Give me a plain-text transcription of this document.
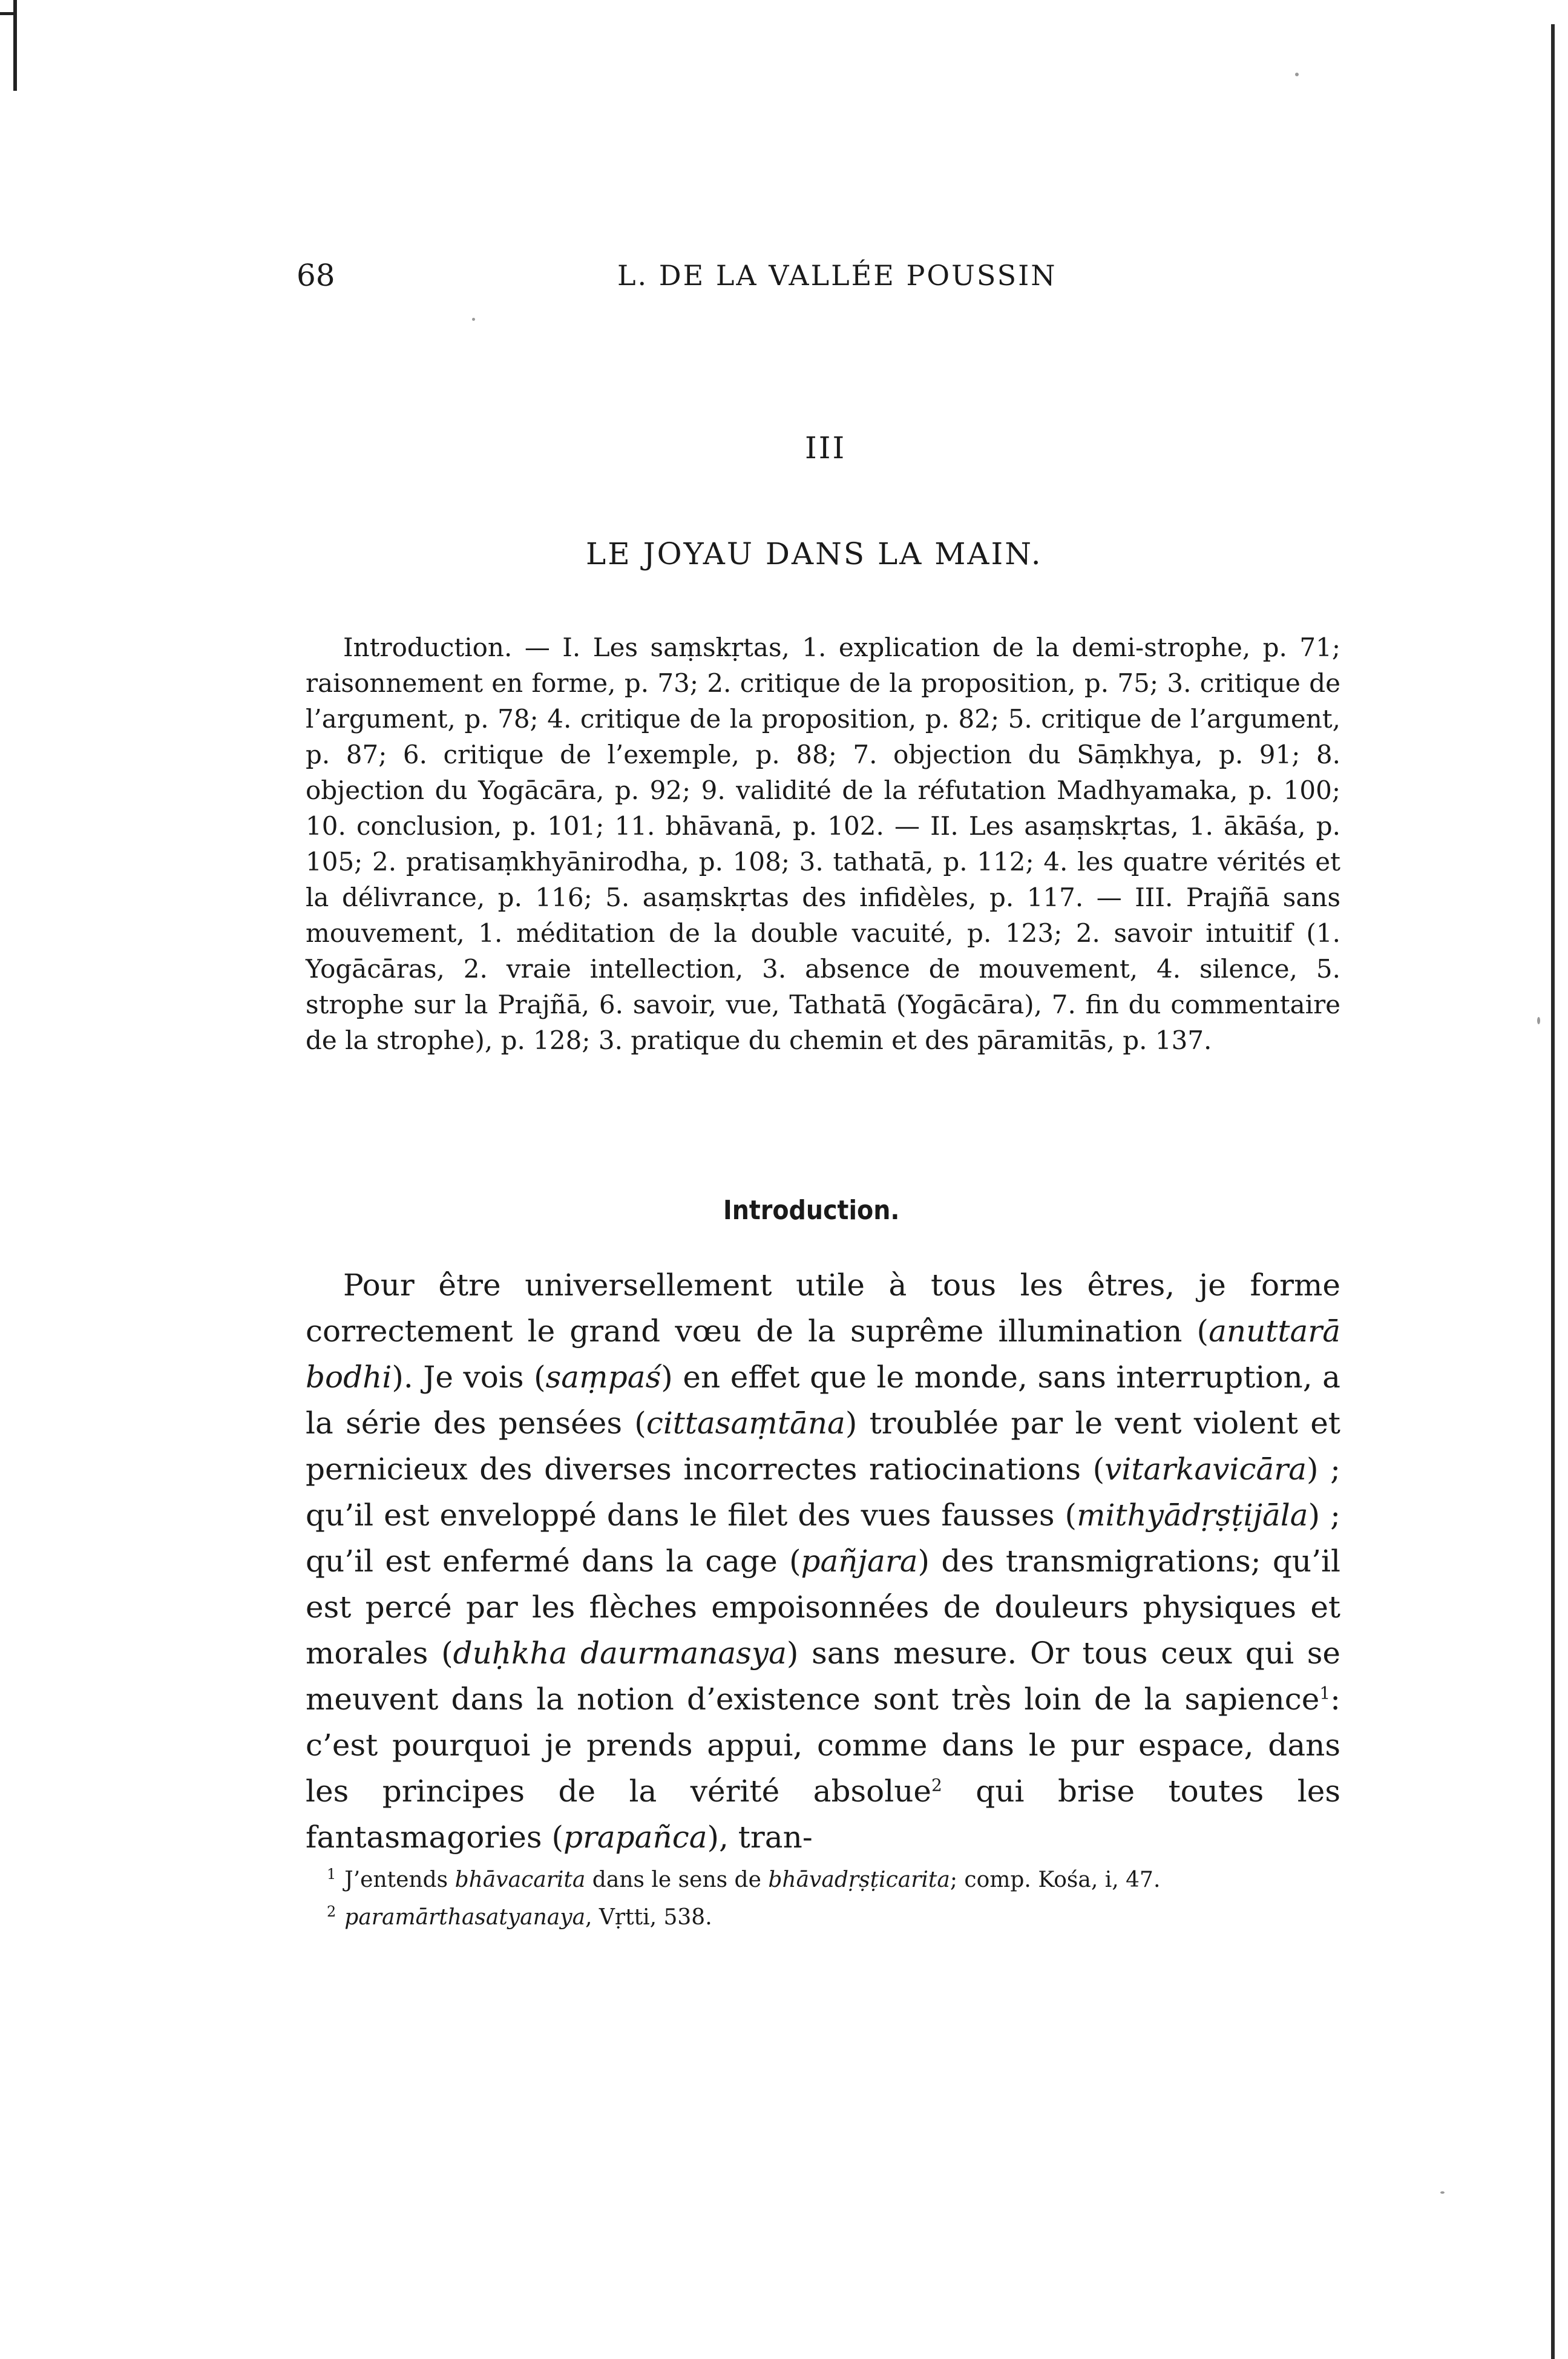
68	L. DE LA VALLÉE POUSSIN
III
LE JOYAU DANS LA MAIN.

Introduction. — I. Les saṃskṛtas, 1. explication de la demi-strophe, p. 71; raisonnement en forme, p. 73; 2. critique de la proposition, p. 75; 3. critique de l’argument, p. 78; 4. critique de la proposition, p. 82; 5. critique de l’argument, p. 87; 6. critique de l’exemple, p. 88; 7. objection du Sāṃkhya, p. 91; 8. objection du Yogācāra, p. 92; 9. validité de la réfutation Madhyamaka, p. 100; 10. conclusion, p. 101; 11. bhāvanā, p. 102. — II. Les asaṃskṛtas, 1. ākāśa, p. 105; 2. pratisaṃkhyānirodha, p. 108; 3. tathatā, p. 112; 4. les quatre vérités et la délivrance, p. 116; 5. asaṃskṛtas des infidèles, p. 117. — III. Prajñā sans mouvement, 1. méditation de la double vacuité, p. 123; 2. savoir intuitif (1. Yogācāras, 2. vraie intellection, 3. absence de mouvement, 4. silence, 5. strophe sur la Prajñā, 6. savoir, vue, Tathatā (Yogācāra), 7. fin du commentaire de la strophe), p. 128; 3. pratique du chemin et des pāramitās, p. 137.

Introduction.

Pour être universellement utile à tous les êtres, je forme correctement le grand vœu de la suprême illumination (anuttarā bodhi). Je vois (saṃpaś) en effet que le monde, sans interruption, a la série des pensées (cittasaṃtāna) troublée par le vent violent et pernicieux des diverses incorrectes ratiocinations (vitarkavicāra) ; qu’il est enveloppé dans le filet des vues fausses (mithyādṛṣṭijāla) ; qu’il est enfermé dans la cage (pañjara) des transmigrations; qu’il est percé par les flèches empoisonnées de douleurs physiques et morales (duḥkha daurmanasya) sans mesure. Or tous ceux qui se meuvent dans la notion d’existence sont très loin de la sapience$^1$: c’est pourquoi je prends appui, comme dans le pur espace, dans les principes de la vérité absolue$^2$ qui brise toutes les fantasmagories (prapañca), tran-

$^1$ J’entends bhāvacarita dans le sens de bhāvadṛṣṭicarita; comp. Kośa, i, 47.

$^2$ paramārthasatyanaya, Vṛtti, 538.
